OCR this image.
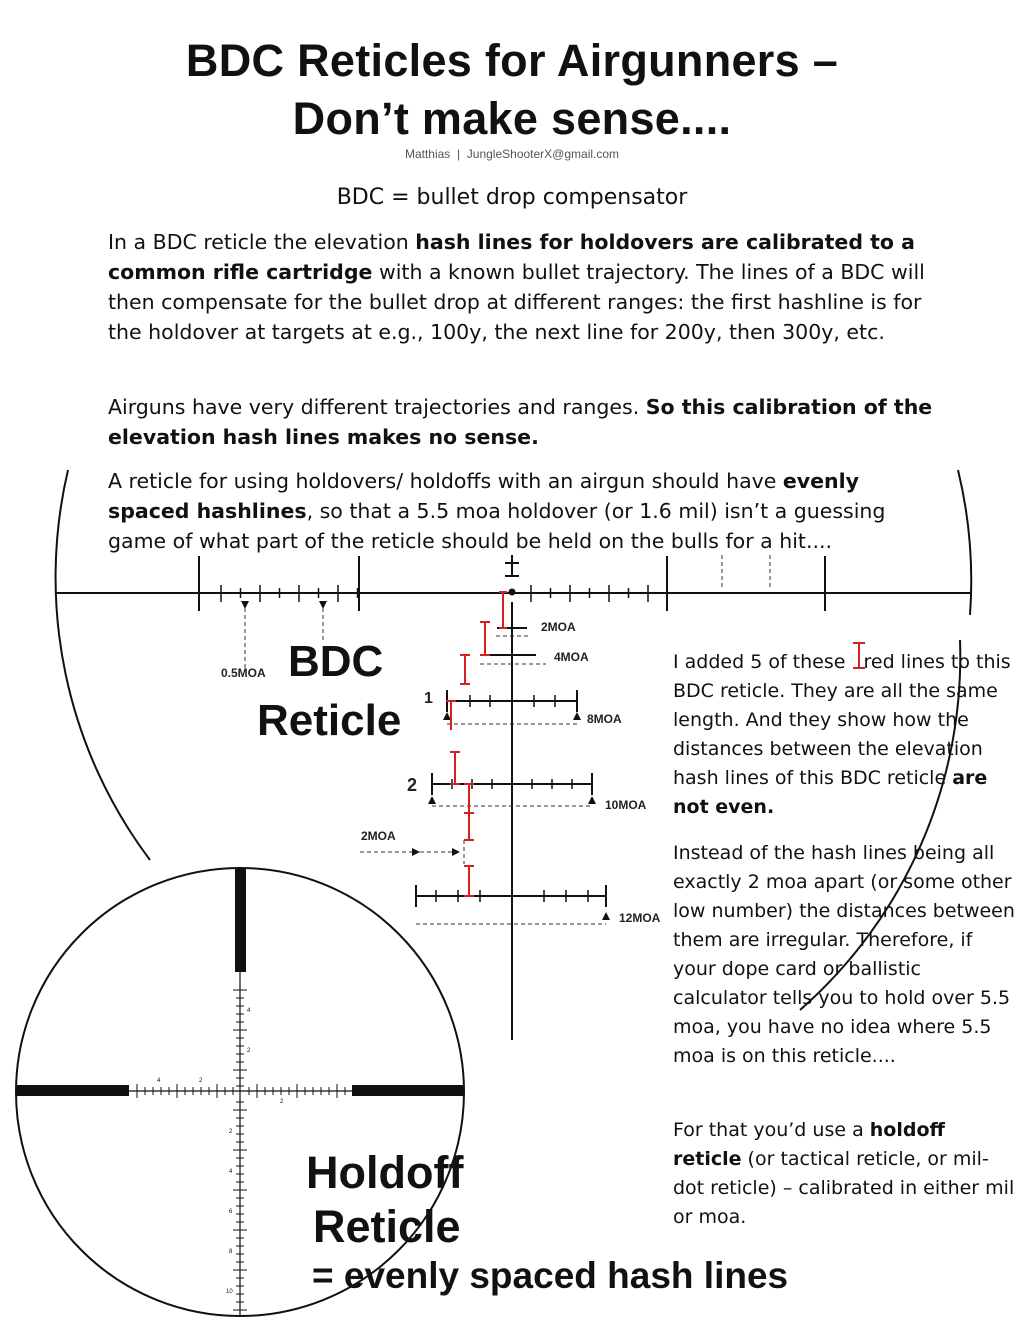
4	2
2
4
2
2
4
6
8
10
BDC Reticles for Airgunners –
Don’t make sense....
Matthias | JungleShooterX@gmail.com
BDC = bullet drop compensator
In a BDC reticle the elevation hash lines for holdovers are calibrated to a common rifle cartridge with a known bullet trajectory. The lines of a BDC will then compensate for the bullet drop at different ranges: the first hashline is for the holdover at targets at e.g., 100y, the next line for 200y, then 300y, etc.
Airguns have very different trajectories and ranges. So this calibration of the elevation hash lines makes no sense.
A reticle for using holdovers/ holdoffs with an airgun should have evenly spaced hashlines, so that a 5.5 moa holdover (or 1.6 mil) isn’t a guessing game of what part of the reticle should be held on the bulls for a hit....
BDC
Reticle
0.5MOA
2MOA
4MOA
8MOA
10MOA
2MOA
12MOA
1
2
I added 5 of these red lines to this BDC reticle. They are all the same length. And they show how the distances between the elevation hash lines of this BDC reticle are not even.
Instead of the hash lines being all exactly 2 moa apart (or some other low number) the distances between them are irregular. Therefore, if your dope card or ballistic calculator tells you to hold over 5.5 moa, you have no idea where 5.5 moa is on this reticle....
For that you’d use a holdoff reticle (or tactical reticle, or mil-dot reticle) – calibrated in either mil or moa.
Holdoff
Reticle
= evenly spaced hash lines
